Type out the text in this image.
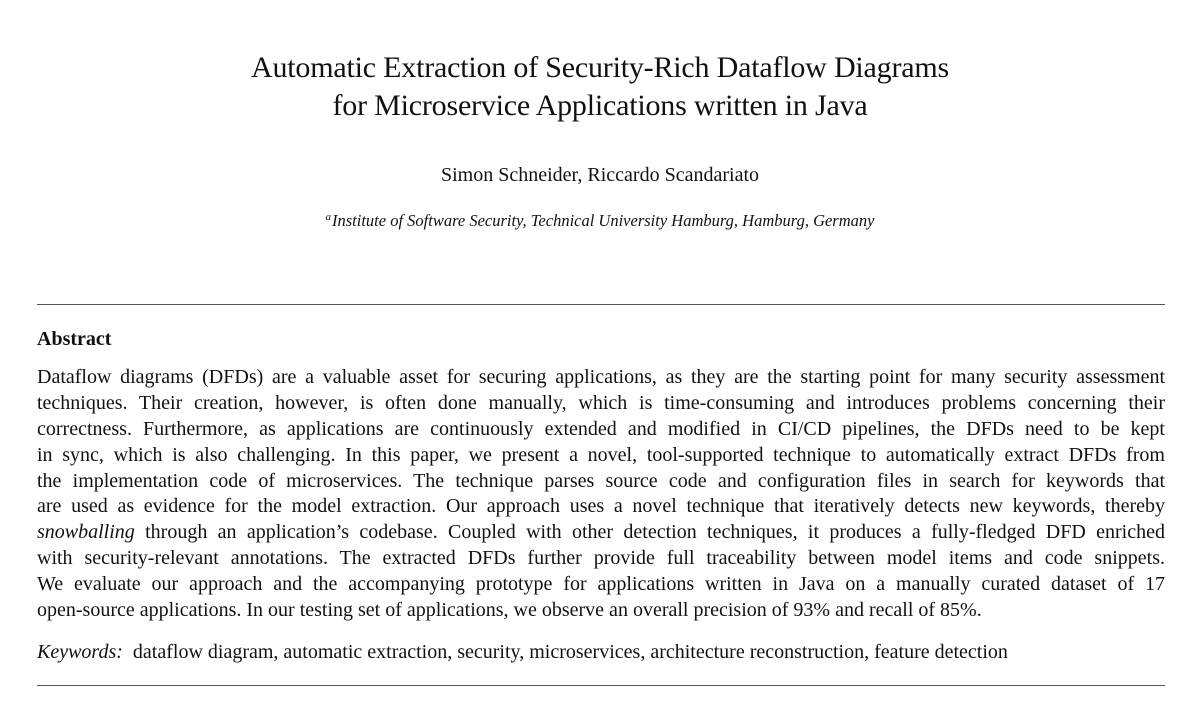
Automatic Extraction of Security-Rich Dataflow Diagrams
for Microservice Applications written in Java
Simon Schneider, Riccardo Scandariato
$^a$Institute of Software Security, Technical University Hamburg, Hamburg, Germany
Abstract
Dataflow diagrams (DFDs) are a valuable asset for securing applications, as they are the starting point for many security assessment
techniques. Their creation, however, is often done manually, which is time-consuming and introduces problems concerning their
correctness. Furthermore, as applications are continuously extended and modified in CI/CD pipelines, the DFDs need to be kept
in sync, which is also challenging. In this paper, we present a novel, tool-supported technique to automatically extract DFDs from
the implementation code of microservices. The technique parses source code and configuration files in search for keywords that
are used as evidence for the model extraction. Our approach uses a novel technique that iteratively detects new keywords, thereby
snowballing through an application’s codebase. Coupled with other detection techniques, it produces a fully-fledged DFD enriched
with security-relevant annotations. The extracted DFDs further provide full traceability between model items and code snippets.
We evaluate our approach and the accompanying prototype for applications written in Java on a manually curated dataset of 17
open-source applications. In our testing set of applications, we observe an overall precision of 93% and recall of 85%.
Keywords: dataflow diagram, automatic extraction, security, microservices, architecture reconstruction, feature detection
